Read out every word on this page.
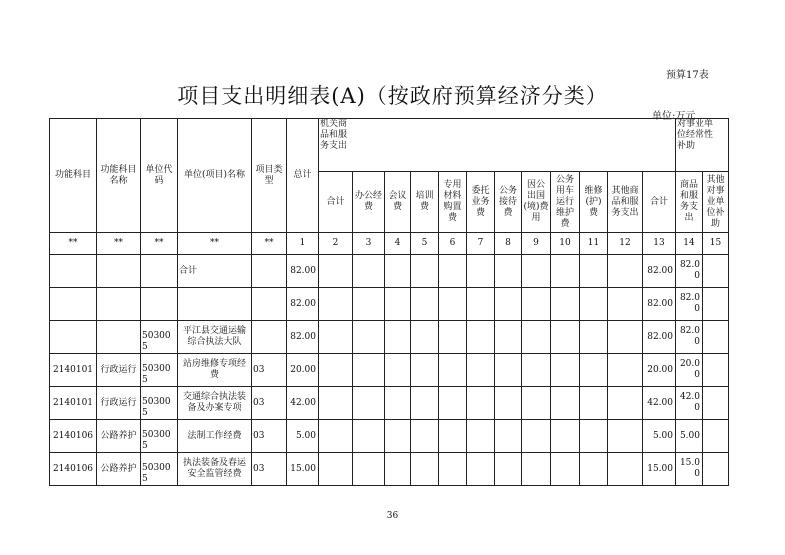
预算17表
项目支出明细表(A)（按政府预算经济分类）
单位:万元
功能科目	功能科目名称	单位代码	单位(项目)名称	项目类型	总计	机关商品和服务支出												对事业单位经常性补助	

						合计	办公经费	会议费	培训费	专用材料购置费	委托业务费	公务接待费	因公出国(境)费用	公务用车运行维护费	维修(护)费	其他商品和服务支出	合计	商品和服务支出	其他对事业单位补助
**	**	**	**	**	1	2	3	4	5	6	7	8	9	10	11	12	13	14	15
			合计		82.00												82.00	82.00	
					82.00												82.00	82.00	
		503005	平江县交通运输综合执法大队		82.00												82.00	82.00	
2140101	行政运行	503005	站房维修专项经费	03	20.00												20.00	20.00	
2140101	行政运行	503005	交通综合执法装备及办案专项	03	42.00												42.00	42.00	
2140106	公路养护	503005	法制工作经费	03	5.00												5.00	5.00	
2140106	公路养护	503005	执法装备及春运安全监管经费	03	15.00												15.00	15.00	
36
